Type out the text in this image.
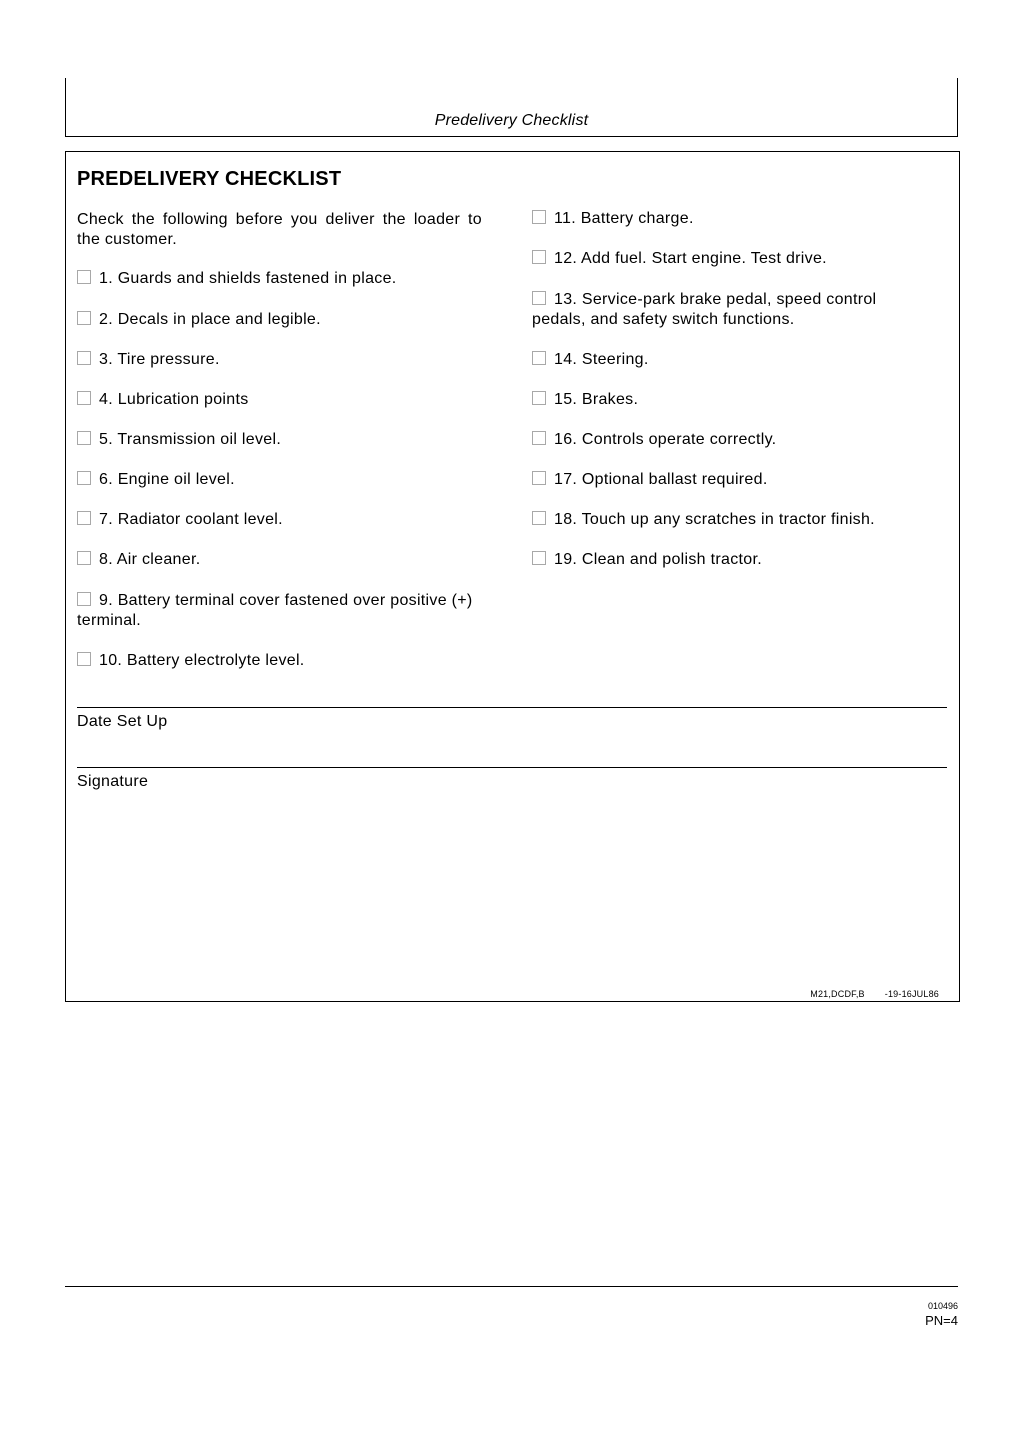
Predelivery Checklist
PREDELIVERY CHECKLIST
Check the following before you deliver the loader to the customer.
1. Guards and shields fastened in place.
2. Decals in place and legible.
3. Tire pressure.
4. Lubrication points
5. Transmission oil level.
6. Engine oil level.
7. Radiator coolant level.
8. Air cleaner.
9. Battery terminal cover fastened over positive (+) terminal.
10. Battery electrolyte level.
11. Battery charge.
12. Add fuel. Start engine. Test drive.
13. Service-park brake pedal, speed control pedals, and safety switch functions.
14. Steering.
15. Brakes.
16. Controls operate correctly.
17. Optional ballast required.
18. Touch up any scratches in tractor finish.
19. Clean and polish tractor.
Date Set Up
Signature
M21,DCDF,B -19-16JUL86
010496
PN=4
